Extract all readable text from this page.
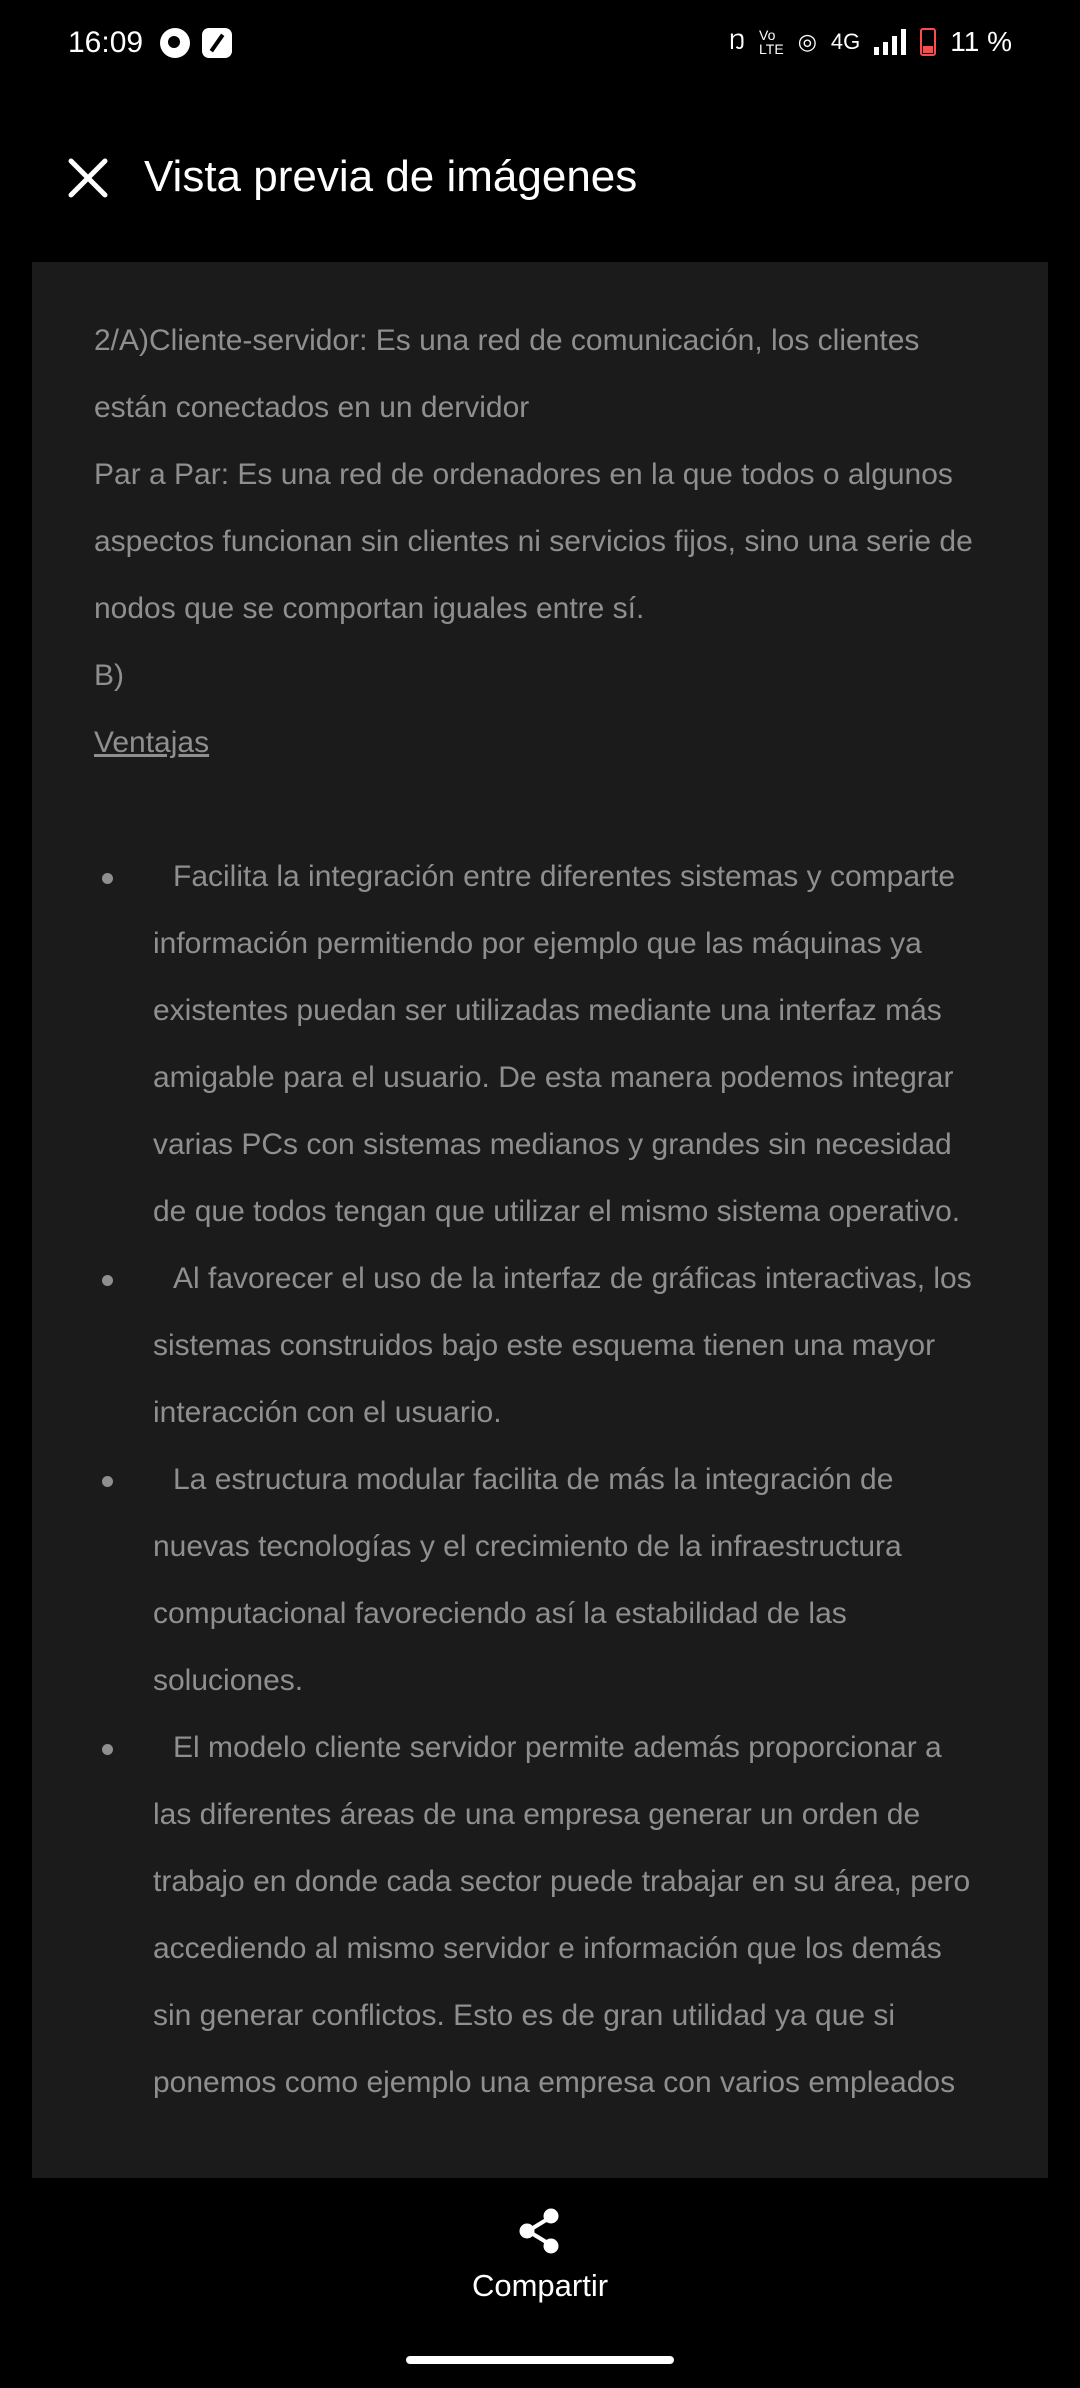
16:09	Ŋ Vo
LTE ◎ 4G	11 %
Vista previa de imágenes

2/A)Cliente-servidor: Es una red de comunicación, los clientes están conectados en un dervidor

Par a Par: Es una red de ordenadores en la que todos o algunos aspectos funcionan sin clientes ni servicios fijos, sino una serie de nodos que se comportan iguales entre sí.

B)

Ventajas

Facilita la integración entre diferentes sistemas y comparte información permitiendo por ejemplo que las máquinas ya existentes puedan ser utilizadas mediante una interfaz más amigable para el usuario. De esta manera podemos integrar varias PCs con sistemas medianos y grandes sin necesidad de que todos tengan que utilizar el mismo sistema operativo.
Al favorecer el uso de la interfaz de gráficas interactivas, los sistemas construidos bajo este esquema tienen una mayor interacción con el usuario.
La estructura modular facilita de más la integración de nuevas tecnologías y el crecimiento de la infraestructura computacional favoreciendo así la estabilidad de las soluciones.
El modelo cliente servidor permite además proporcionar a las diferentes áreas de una empresa generar un orden de trabajo en donde cada sector puede trabajar en su área, pero accediendo al mismo servidor e información que los demás sin generar conflictos. Esto es de gran utilidad ya que si ponemos como ejemplo una empresa con varios empleados
Compartir
